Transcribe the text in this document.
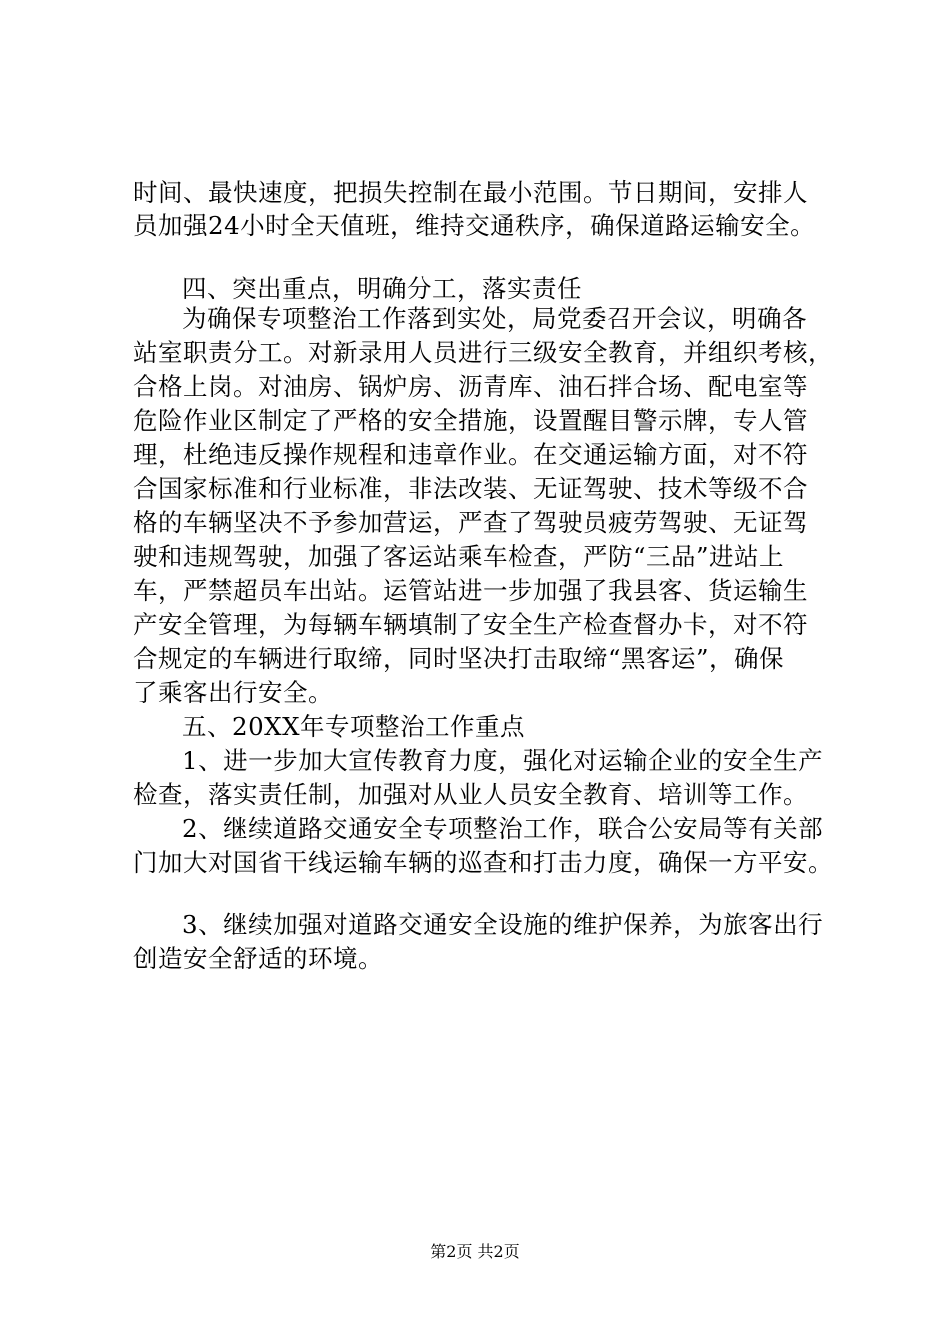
时间、最快速度，把损失控制在最小范围。节日期间，安排人
员加强24小时全天值班，维持交通秩序，确保道路运输安全。
四、突出重点，明确分工，落实责任
为确保专项整治工作落到实处，局党委召开会议，明确各
站室职责分工。对新录用人员进行三级安全教育，并组织考核，
合格上岗。对油房、锅炉房、沥青库、油石拌合场、配电室等
危险作业区制定了严格的安全措施，设置醒目警示牌，专人管
理，杜绝违反操作规程和违章作业。在交通运输方面，对不符
合国家标准和行业标准，非法改装、无证驾驶、技术等级不合
格的车辆坚决不予参加营运，严查了驾驶员疲劳驾驶、无证驾
驶和违规驾驶，加强了客运站乘车检查，严防“三品”进站上
车，严禁超员车出站。运管站进一步加强了我县客、货运输生
产安全管理，为每辆车辆填制了安全生产检查督办卡，对不符
合规定的车辆进行取缔，同时坚决打击取缔“黑客运”，确保
了乘客出行安全。
五、20XX年专项整治工作重点
1、进一步加大宣传教育力度，强化对运输企业的安全生产
检查，落实责任制，加强对从业人员安全教育、培训等工作。
2、继续道路交通安全专项整治工作，联合公安局等有关部
门加大对国省干线运输车辆的巡查和打击力度，确保一方平安。
3、继续加强对道路交通安全设施的维护保养，为旅客出行
创造安全舒适的环境。
第2页 共2页
